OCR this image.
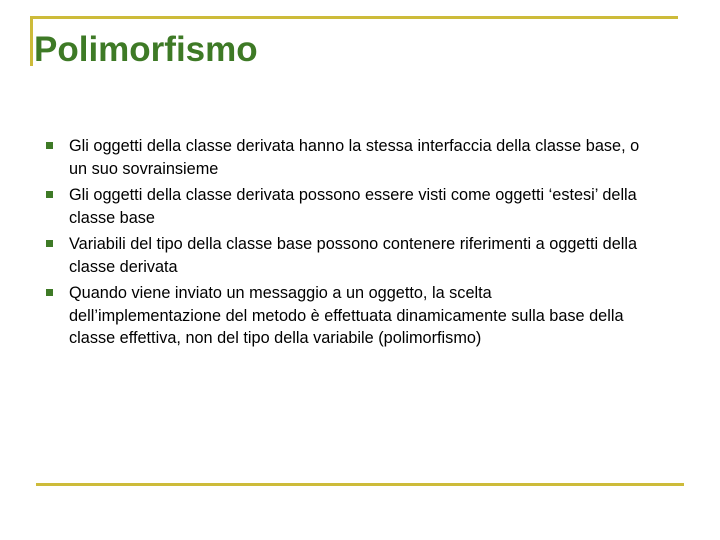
Polimorfismo
Gli oggetti della classe derivata hanno la stessa interfaccia della classe base, o un suo sovrainsieme
Gli oggetti della classe derivata possono essere visti come oggetti ‘estesi’ della classe base
Variabili del tipo della classe base possono contenere riferimenti a oggetti della classe derivata
Quando viene inviato un messaggio a un oggetto, la scelta dell’implementazione del metodo è effettuata dinamicamente sulla base della classe effettiva, non del tipo della variabile (polimorfismo)
